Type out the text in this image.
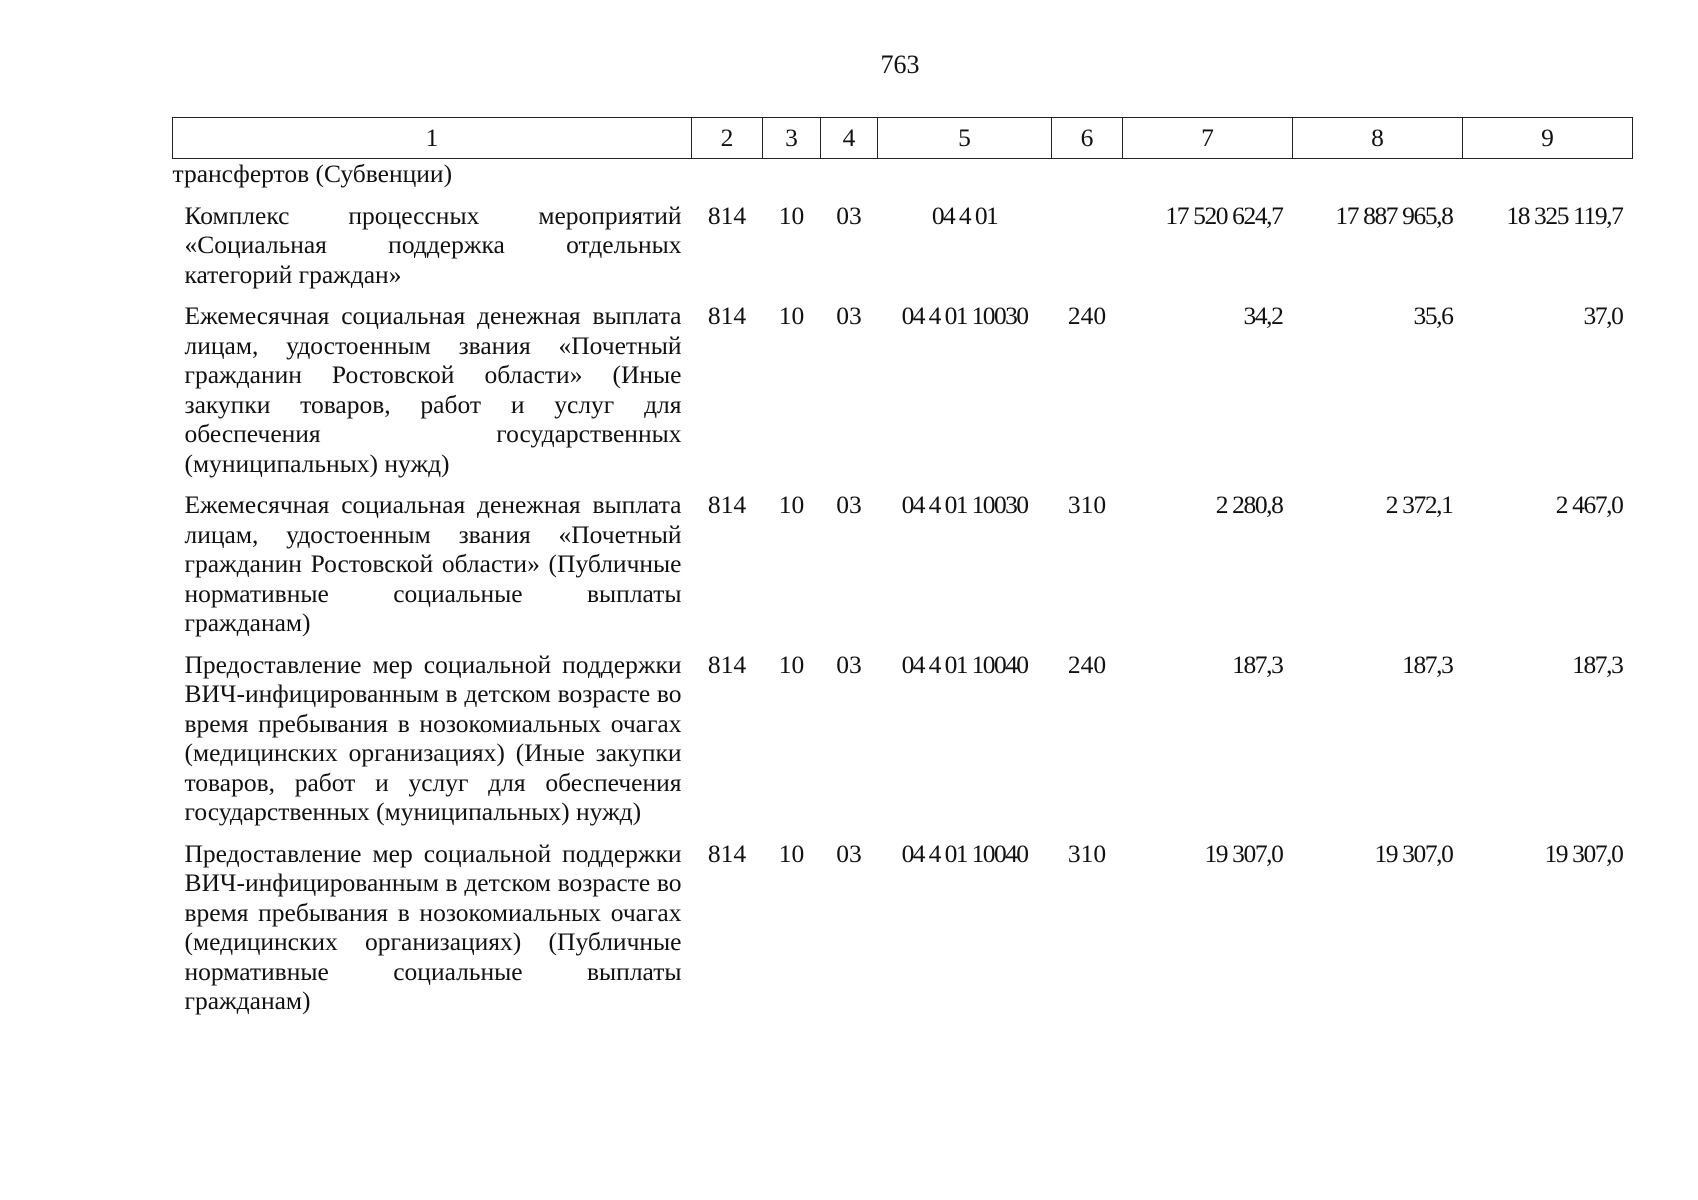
763
1	2	3	4	5	6	7	8	9
трансфертов (Субвенции)								
Комплекс процессных мероприятий «Социальная поддержка отдельных категорий граждан»	814	10	03	04 4 01		17 520 624,7	17 887 965,8	18 325 119,7
Ежемесячная социальная денежная выплата лицам, удостоенным звания «Почетный гражданин Ростовской области» (Иные закупки товаров, работ и услуг для обеспечения государственных (муниципальных) нужд)	814	10	03	04 4 01 10030	240	34,2	35,6	37,0
Ежемесячная социальная денежная выплата лицам, удостоенным звания «Почетный гражданин Ростовской области» (Публичные нормативные социальные выплаты гражданам)	814	10	03	04 4 01 10030	310	2 280,8	2 372,1	2 467,0
Предоставление мер социальной поддержки ВИЧ-инфицированным в детском возрасте во время пребывания в нозокомиальных очагах (медицинских организациях) (Иные закупки товаров, работ и услуг для обеспечения государственных (муниципальных) нужд)	814	10	03	04 4 01 10040	240	187,3	187,3	187,3
Предоставление мер социальной поддержки ВИЧ-инфицированным в детском возрасте во время пребывания в нозокомиальных очагах (медицинских организациях) (Публичные нормативные социальные выплаты гражданам)	814	10	03	04 4 01 10040	310	19 307,0	19 307,0	19 307,0
